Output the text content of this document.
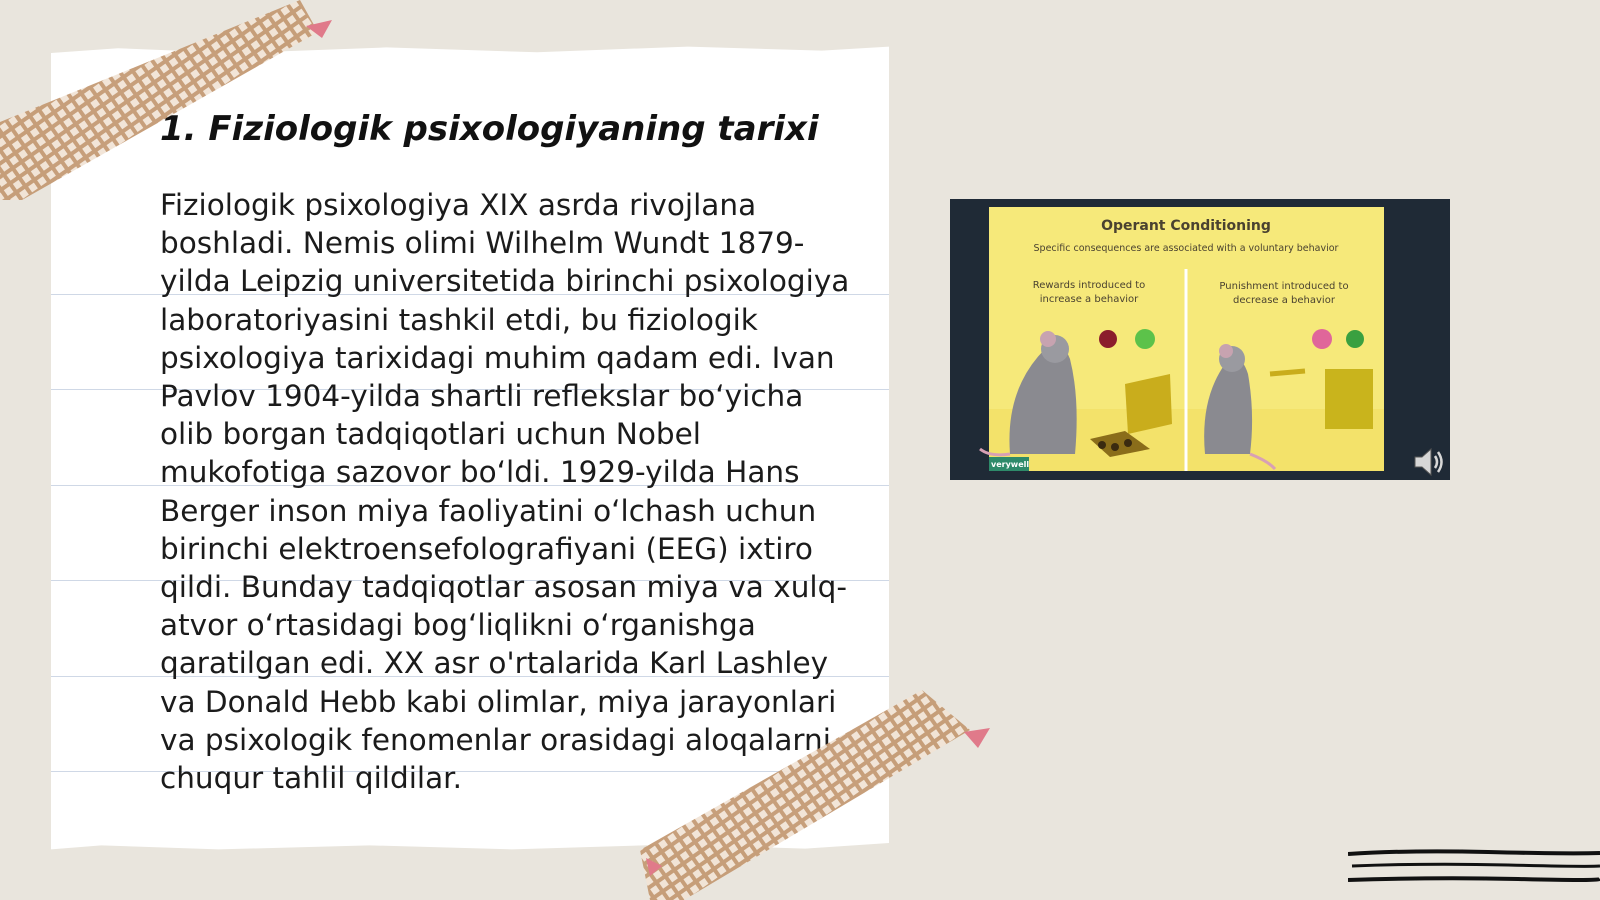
1. Fiziologik psixologiyaning tarixi

Fiziologik psixologiya XIX asrda rivojlana boshladi. Nemis olimi Wilhelm Wundt 1879-yilda Leipzig universitetida birinchi psixologiya laboratoriyasini tashkil etdi, bu fiziologik psixologiya tarixidagi muhim qadam edi. Ivan Pavlov 1904-yilda shartli reflekslar bo‘yicha olib borgan tadqiqotlari uchun Nobel mukofotiga sazovor bo‘ldi. 1929-yilda Hans Berger inson miya faoliyatini o‘lchash uchun birinchi elektroensefolografiyani (EEG) ixtiro qildi. Bunday tadqiqotlar asosan miya va xulq-atvor o‘rtasidagi bog‘liqlikni o‘rganishga qaratilgan edi. XX asr o'rtalarida Karl Lashley va Donald Hebb kabi olimlar, miya jarayonlari va psixologik fenomenlar orasidagi aloqalarni chuqur tahlil qildilar.

Operant Conditioning
Specific consequences are associated with a voluntary behavior
Rewards introduced to
increase a behavior
Punishment introduced to
decrease a behavior
verywell
